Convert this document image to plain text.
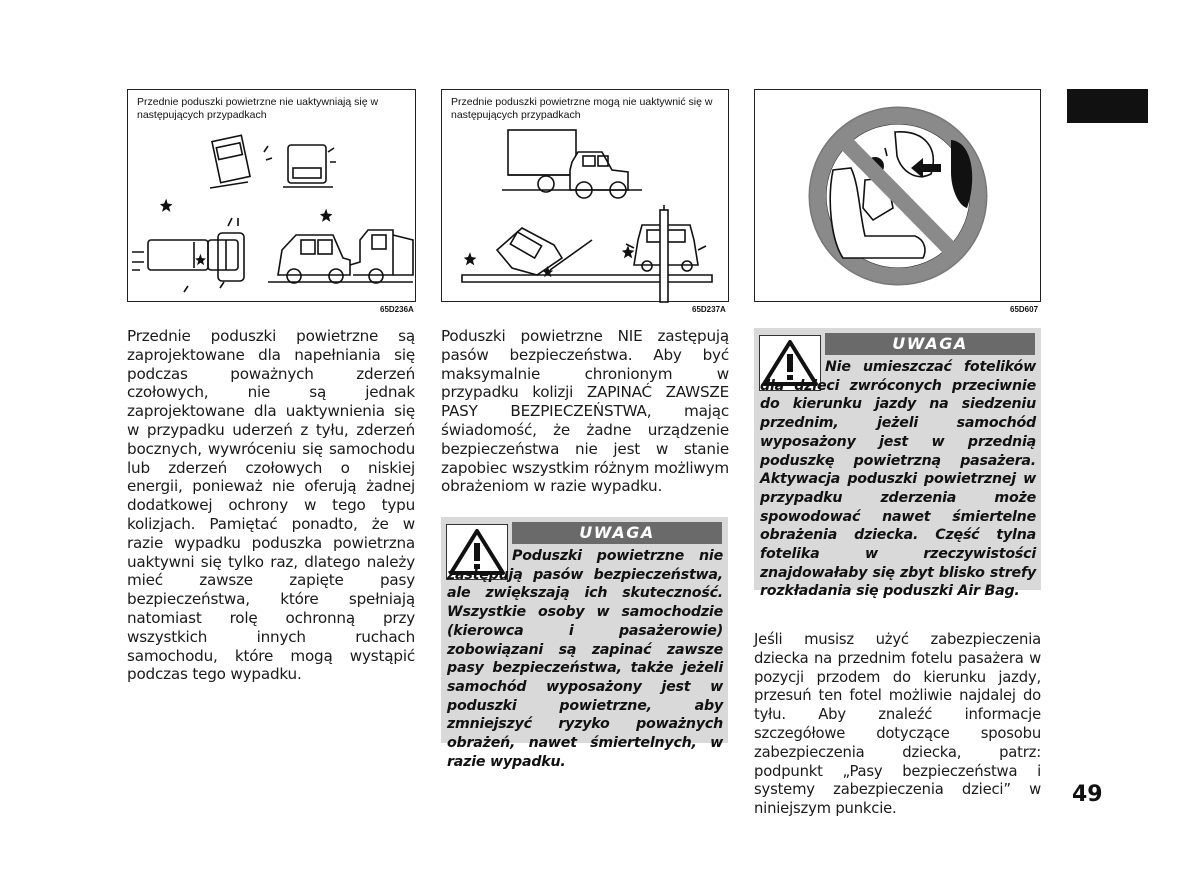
Przednie poduszki powietrzne nie uaktywniają się w następujących przypadkach
65D236A
Przednie poduszki powietrzne mogą nie uaktywnić się w następujących przypadkach
65D237A	65D607

Przednie poduszki powietrzne są zaprojektowane dla napełniania się podczas poważnych zderzeń czołowych, nie są jednak zaprojektowane dla uaktywnienia się w przypadku uderzeń z tyłu, zderzeń bocznych, wywróceniu się samochodu lub zderzeń czołowych o niskiej energii, ponieważ nie oferują żadnej dodatkowej ochrony w tego typu kolizjach. Pamiętać ponadto, że w razie wypadku poduszka powietrzna uaktywni się tylko raz, dlatego należy mieć zawsze zapięte pasy bezpieczeństwa, które spełniają natomiast rolę ochronną przy wszystkich innych ruchach samochodu, które mogą wystąpić podczas tego wypadku.

Poduszki powietrzne NIE zastępują pasów bezpieczeństwa. Aby być maksymalnie chronionym w przypadku kolizji ZAPINAĆ ZAWSZE PASY BEZPIECZEŃSTWA, mając świadomość, że żadne urządzenie bezpieczeństwa nie jest w stanie zapobiec wszystkim różnym możliwym obrażeniom w razie wypadku.

UWAGA

Poduszki powietrzne nie zastępują pasów bezpieczeństwa, ale zwiększają ich skuteczność. Wszystkie osoby w samochodzie (kierowca i pasażerowie) zobowiązani są zapinać zawsze pasy bezpieczeństwa, także jeżeli samochód wyposażony jest w poduszki powietrzne, aby zmniejszyć ryzyko poważnych obrażeń, nawet śmiertelnych, w razie wypadku.

UWAGA

Nie umieszczać fotelików dla dzieci zwróconych przeciwnie do kierunku jazdy na siedzeniu przednim, jeżeli samochód wyposażony jest w przednią poduszkę powietrzną pasażera. Aktywacja poduszki powietrznej w przypadku zderzenia może spowodować nawet śmiertelne obrażenia dziecka. Część tylna fotelika w rzeczywistości znajdowałaby się zbyt blisko strefy rozkładania się poduszki Air Bag.

Jeśli musisz użyć zabezpieczenia dziecka na przednim fotelu pasażera w pozycji przodem do kierunku jazdy, przesuń ten fotel możliwie najdalej do tyłu. Aby znaleźć informacje szczegółowe dotyczące sposobu zabezpieczenia dziecka, patrz: podpunkt „Pasy bezpieczeństwa i systemy zabezpieczenia dzieci” w niniejszym punkcie.

49
